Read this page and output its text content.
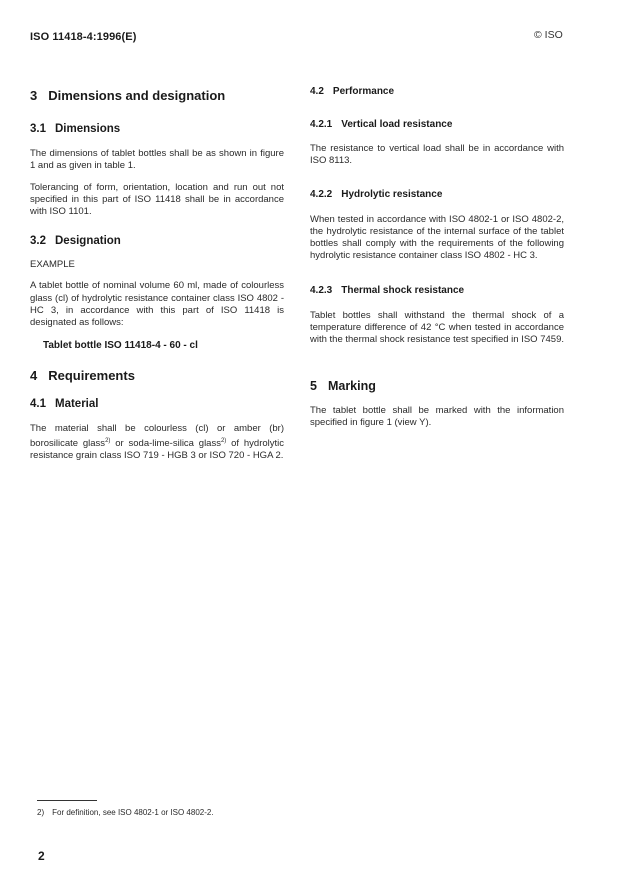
ISO 11418-4:1996(E)	© ISO
3 Dimensions and designation
3.1 Dimensions

The dimensions of tablet bottles shall be as shown in figure 1 and as given in table 1.

Tolerancing of form, orientation, location and run out not specified in this part of ISO 11418 shall be in accordance with ISO 1101.

3.2 Designation
EXAMPLE

A tablet bottle of nominal volume 60 ml, made of colourless glass (cl) of hydrolytic resistance container class ISO 4802 - HC 3, in accordance with this part of ISO 11418 is designated as follows:

Tablet bottle ISO 11418-4 - 60 - cl
4 Requirements
4.1 Material

The material shall be colourless (cl) or amber (br) borosilicate glass$^{2)}$ or soda-lime-silica glass$^{2)}$ of hydrolytic resistance grain class ISO 719 - HGB 3 or ISO 720 - HGA 2.

4.2 Performance
4.2.1 Vertical load resistance

The resistance to vertical load shall be in accordance with ISO 8113.

4.2.2 Hydrolytic resistance

When tested in accordance with ISO 4802-1 or ISO 4802-2, the hydrolytic resistance of the internal surface of the tablet bottles shall comply with the requirements of the following hydrolytic resistance container class ISO 4802 - HC 3.

4.2.3 Thermal shock resistance

Tablet bottles shall withstand the thermal shock of a temperature difference of 42 °C when tested in accordance with the thermal shock resistance test specified in ISO 7459.

5 Marking

The tablet bottle shall be marked with the information specified in figure 1 (view Y).

2) For definition, see ISO 4802-1 or ISO 4802-2.
2
